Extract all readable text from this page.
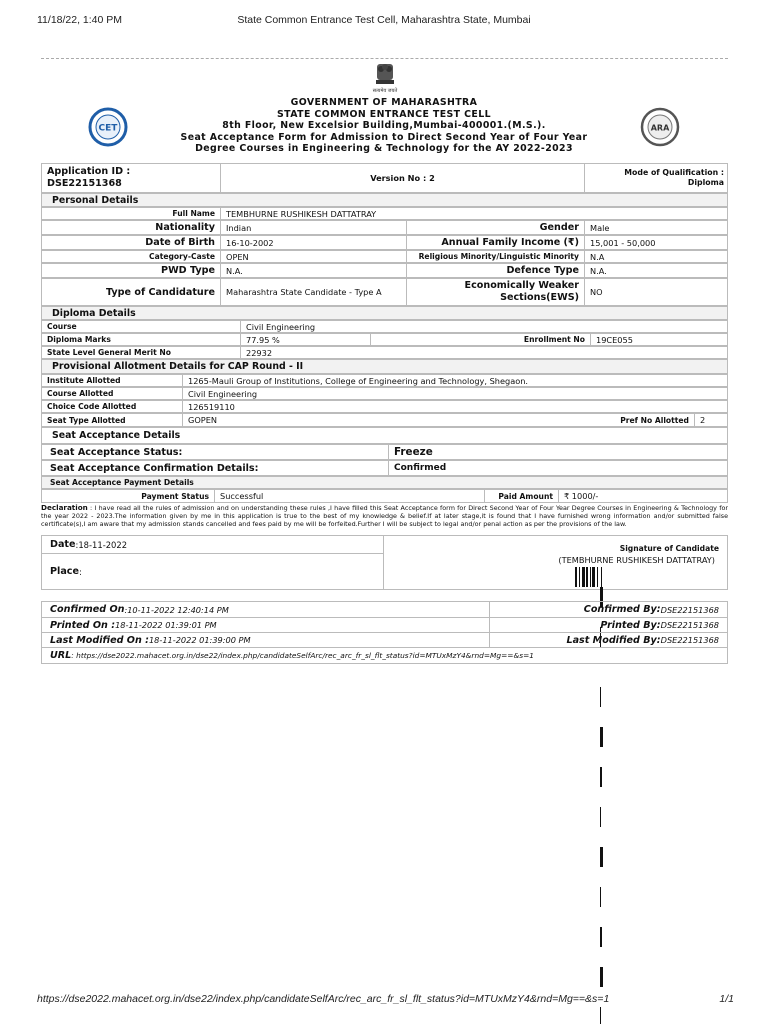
11/18/22, 1:40 PM	State Common Entrance Test Cell, Maharashtra State, Mumbai
सत्यमेव जयते
CET	ARA
GOVERNMENT OF MAHARASHTRA
STATE COMMON ENTRANCE TEST CELL
8th Floor, New Excelsior Building,Mumbai-400001.(M.S.).
Seat Acceptance Form for Admission to Direct Second Year of Four Year
Degree Courses in Engineering & Technology for the AY 2022-2023
Application ID :
DSE22151368	Version No : 2
Mode of Qualification :
Diploma
Personal Details
Full Name	TEMBHURNE RUSHIKESH DATTATRAY
Nationality	Indian	Gender	Male
Date of Birth	16-10-2002	Annual Family Income (₹)	15,001 - 50,000
Category-Caste	OPEN	Religious Minority/Linguistic Minority	N.A
PWD Type	N.A.	Defence Type	N.A.
Type of Candidature	Maharashtra State Candidate - Type A
Economically Weaker
Sections(EWS)	NO
Diploma Details
Course	Civil Engineering
Diploma Marks	77.95 %	Enrollment No	19CE055
State Level General Merit No	22932
Provisional Allotment Details for CAP Round - II
Institute Allotted	1265-Mauli Group of Institutions, College of Engineering and Technology, Shegaon.
Course Allotted	Civil Engineering
Choice Code Allotted	126519110
Seat Type Allotted	GOPEN	Pref No Allotted	2
Seat Acceptance Details
Seat Acceptance Status:	Freeze
Seat Acceptance Confirmation Details:	Confirmed
Seat Acceptance Payment Details
Payment Status	Successful	Paid Amount	₹ 1000/-
Declaration : I have read all the rules of admission and on understanding these rules ,I have filled this Seat Acceptance form for Direct Second Year of Four Year Degree Courses in Engineering & Technology for the year 2022 - 2023.The information given by me in this application is true to the best of my knowledge & belief.If at later stage,it is found that I have furnished wrong information and/or submitted false certificate(s),I am aware that my admission stands cancelled and fees paid by me will be forfeited.Further I will be subject to legal and/or penal action as per the provisions of the law.
Date :18-11-2022
Place :
Signature of Candidate
(TEMBHURNE RUSHIKESH DATTATRAY)
Confirmed On :10-11-2022 12:40:14 PM	Confirmed By: DSE22151368
Printed On : 18-11-2022 01:39:01 PM	Printed By: DSE22151368
Last Modified On : 18-11-2022 01:39:00 PM	Last Modified By: DSE22151368
URL : https://dse2022.mahacet.org.in/dse22/index.php/candidateSelfArc/rec_arc_fr_sl_flt_status?id=MTUxMzY4&rnd=Mg==&s=1
https://dse2022.mahacet.org.in/dse22/index.php/candidateSelfArc/rec_arc_fr_sl_flt_status?id=MTUxMzY4&rnd=Mg==&s=1	1/1
